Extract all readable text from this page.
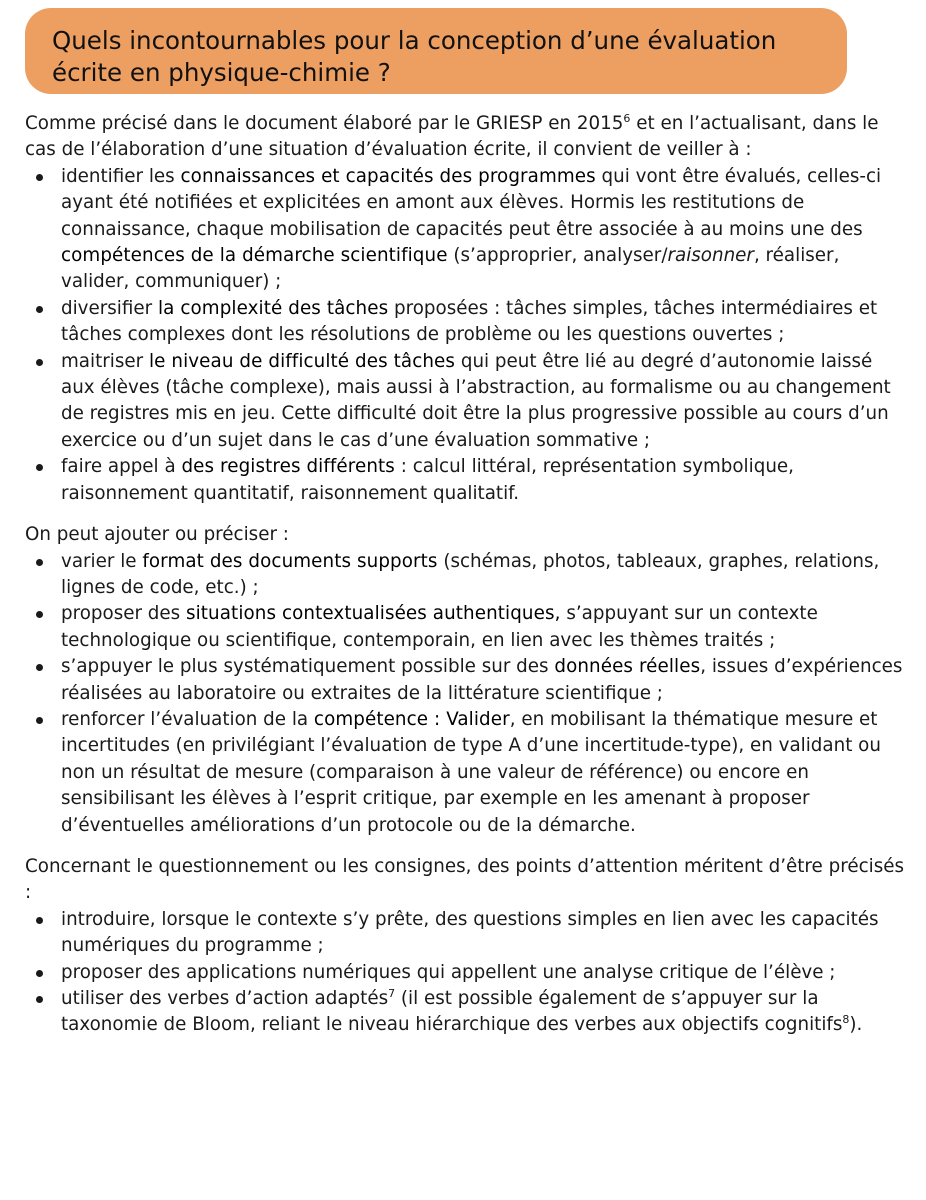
Quels incontournables pour la conception d’une évaluation écrite en physique-chimie ?

Comme précisé dans le document élaboré par le GRIESP en 2015$^6$ et en l’actualisant, dans le cas de l’élaboration d’une situation d’évaluation écrite, il convient de veiller à :

identifier les connaissances et capacités des programmes qui vont être évalués, celles-ci ayant été notifiées et explicitées en amont aux élèves. Hormis les restitutions de connaissance, chaque mobilisation de capacités peut être associée à au moins une des compétences de la démarche scientifique (s’approprier, analyser/raisonner, réaliser, valider, communiquer) ;
diversifier la complexité des tâches proposées : tâches simples, tâches intermédiaires et tâches complexes dont les résolutions de problème ou les questions ouvertes ;
maitriser le niveau de difficulté des tâches qui peut être lié au degré d’autonomie laissé aux élèves (tâche complexe), mais aussi à l’abstraction, au formalisme ou au changement de registres mis en jeu. Cette difficulté doit être la plus progressive possible au cours d’un exercice ou d’un sujet dans le cas d’une évaluation sommative ;
faire appel à des registres différents : calcul littéral, représentation symbolique, raisonnement quantitatif, raisonnement qualitatif.

On peut ajouter ou préciser :

varier le format des documents supports (schémas, photos, tableaux, graphes, relations, lignes de code, etc.) ;
proposer des situations contextualisées authentiques, s’appuyant sur un contexte technologique ou scientifique, contemporain, en lien avec les thèmes traités ;
s’appuyer le plus systématiquement possible sur des données réelles, issues d’expériences réalisées au laboratoire ou extraites de la littérature scientifique ;
renforcer l’évaluation de la compétence : Valider, en mobilisant la thématique mesure et incertitudes (en privilégiant l’évaluation de type A d’une incertitude-type), en validant ou non un résultat de mesure (comparaison à une valeur de référence) ou encore en sensibilisant les élèves à l’esprit critique, par exemple en les amenant à proposer d’éventuelles améliorations d’un protocole ou de la démarche.

Concernant le questionnement ou les consignes, des points d’attention méritent d’être précisés :

introduire, lorsque le contexte s’y prête, des questions simples en lien avec les capacités numériques du programme ;
proposer des applications numériques qui appellent une analyse critique de l’élève ;
utiliser des verbes d’action adaptés$^7$ (il est possible également de s’appuyer sur la taxonomie de Bloom, reliant le niveau hiérarchique des verbes aux objectifs cognitifs$^8$).
